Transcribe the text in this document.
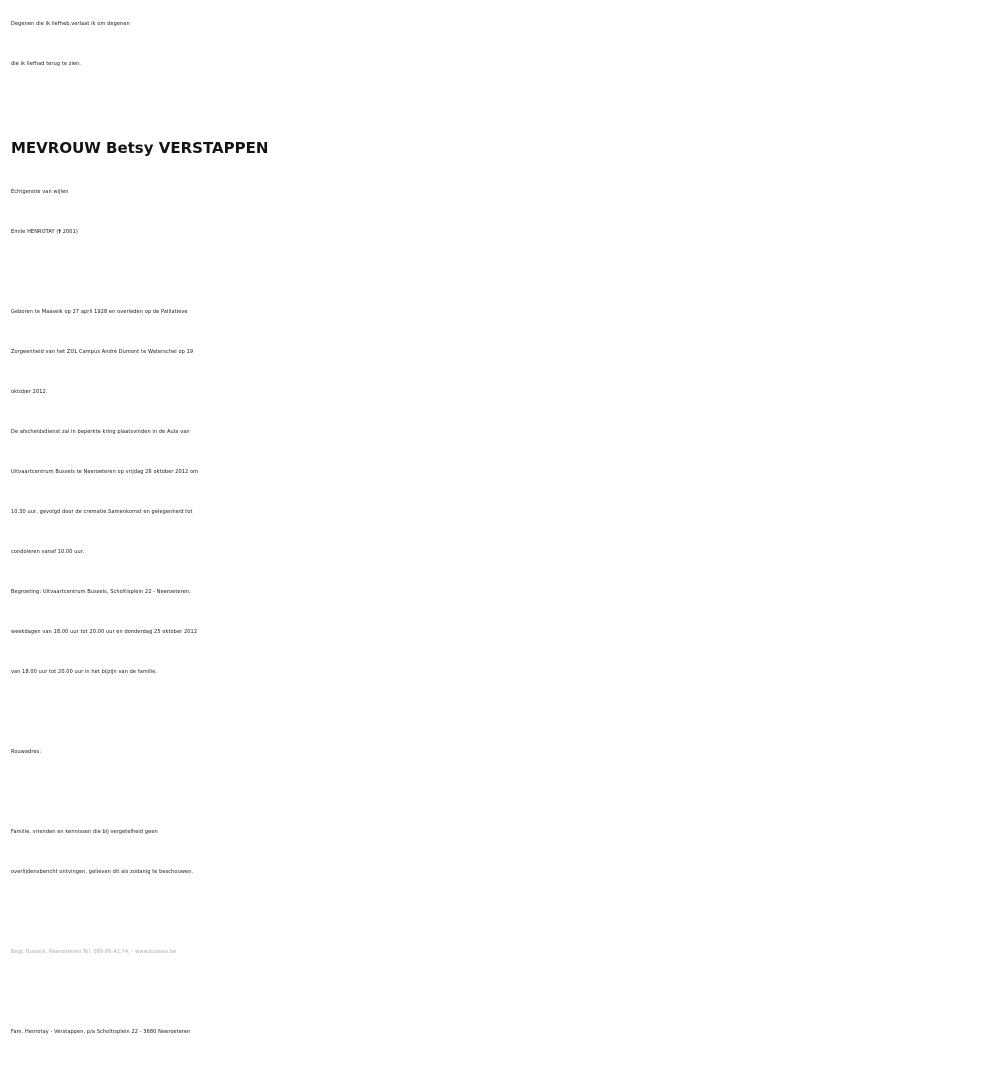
Degenen die ik liefheb,verlaat ik om degenen
die ik liefhad terug te zien.
MEVROUW Betsy VERSTAPPEN
Echtgenote van wijlen
Emile HENROTAY († 2001)
Geboren te Maaseik op 27 april 1928 en overleden op de Palliatieve
Zorgeenheid van het ZOL Campus André Dumont te Waterschei op 19
oktober 2012.
De afscheidsdienst zal in beperkte kring plaatsvinden in de Aula van
Uitvaartcentrum Bussels te Neeroeteren op vrijdag 26 oktober 2012 om
10.30 uur, gevolgd door de crematie.Samenkomst en gelegenheid tot
condoleren vanaf 10.00 uur.
Begroeting: Uitvaartcentrum Bussels, Scholtisplein 22 - Neeroeteren,
weekdagen van 18.00 uur tot 20.00 uur en donderdag 25 oktober 2012
van 18.00 uur tot 20.00 uur in het bijzijn van de familie.
Rouwadres:
Familie, vrienden en kennissen die bij vergetelheid geen
overlijdensbericht ontvingen, gelieven dit als zodanig te beschouwen.
Begr. Bussels, Neeroeteren Tel. 089-86.41.74. - www.bussels.be
Fam. Henrotay - Verstappen, p/a Scholtisplein 22 - 3680 Neeroeteren
